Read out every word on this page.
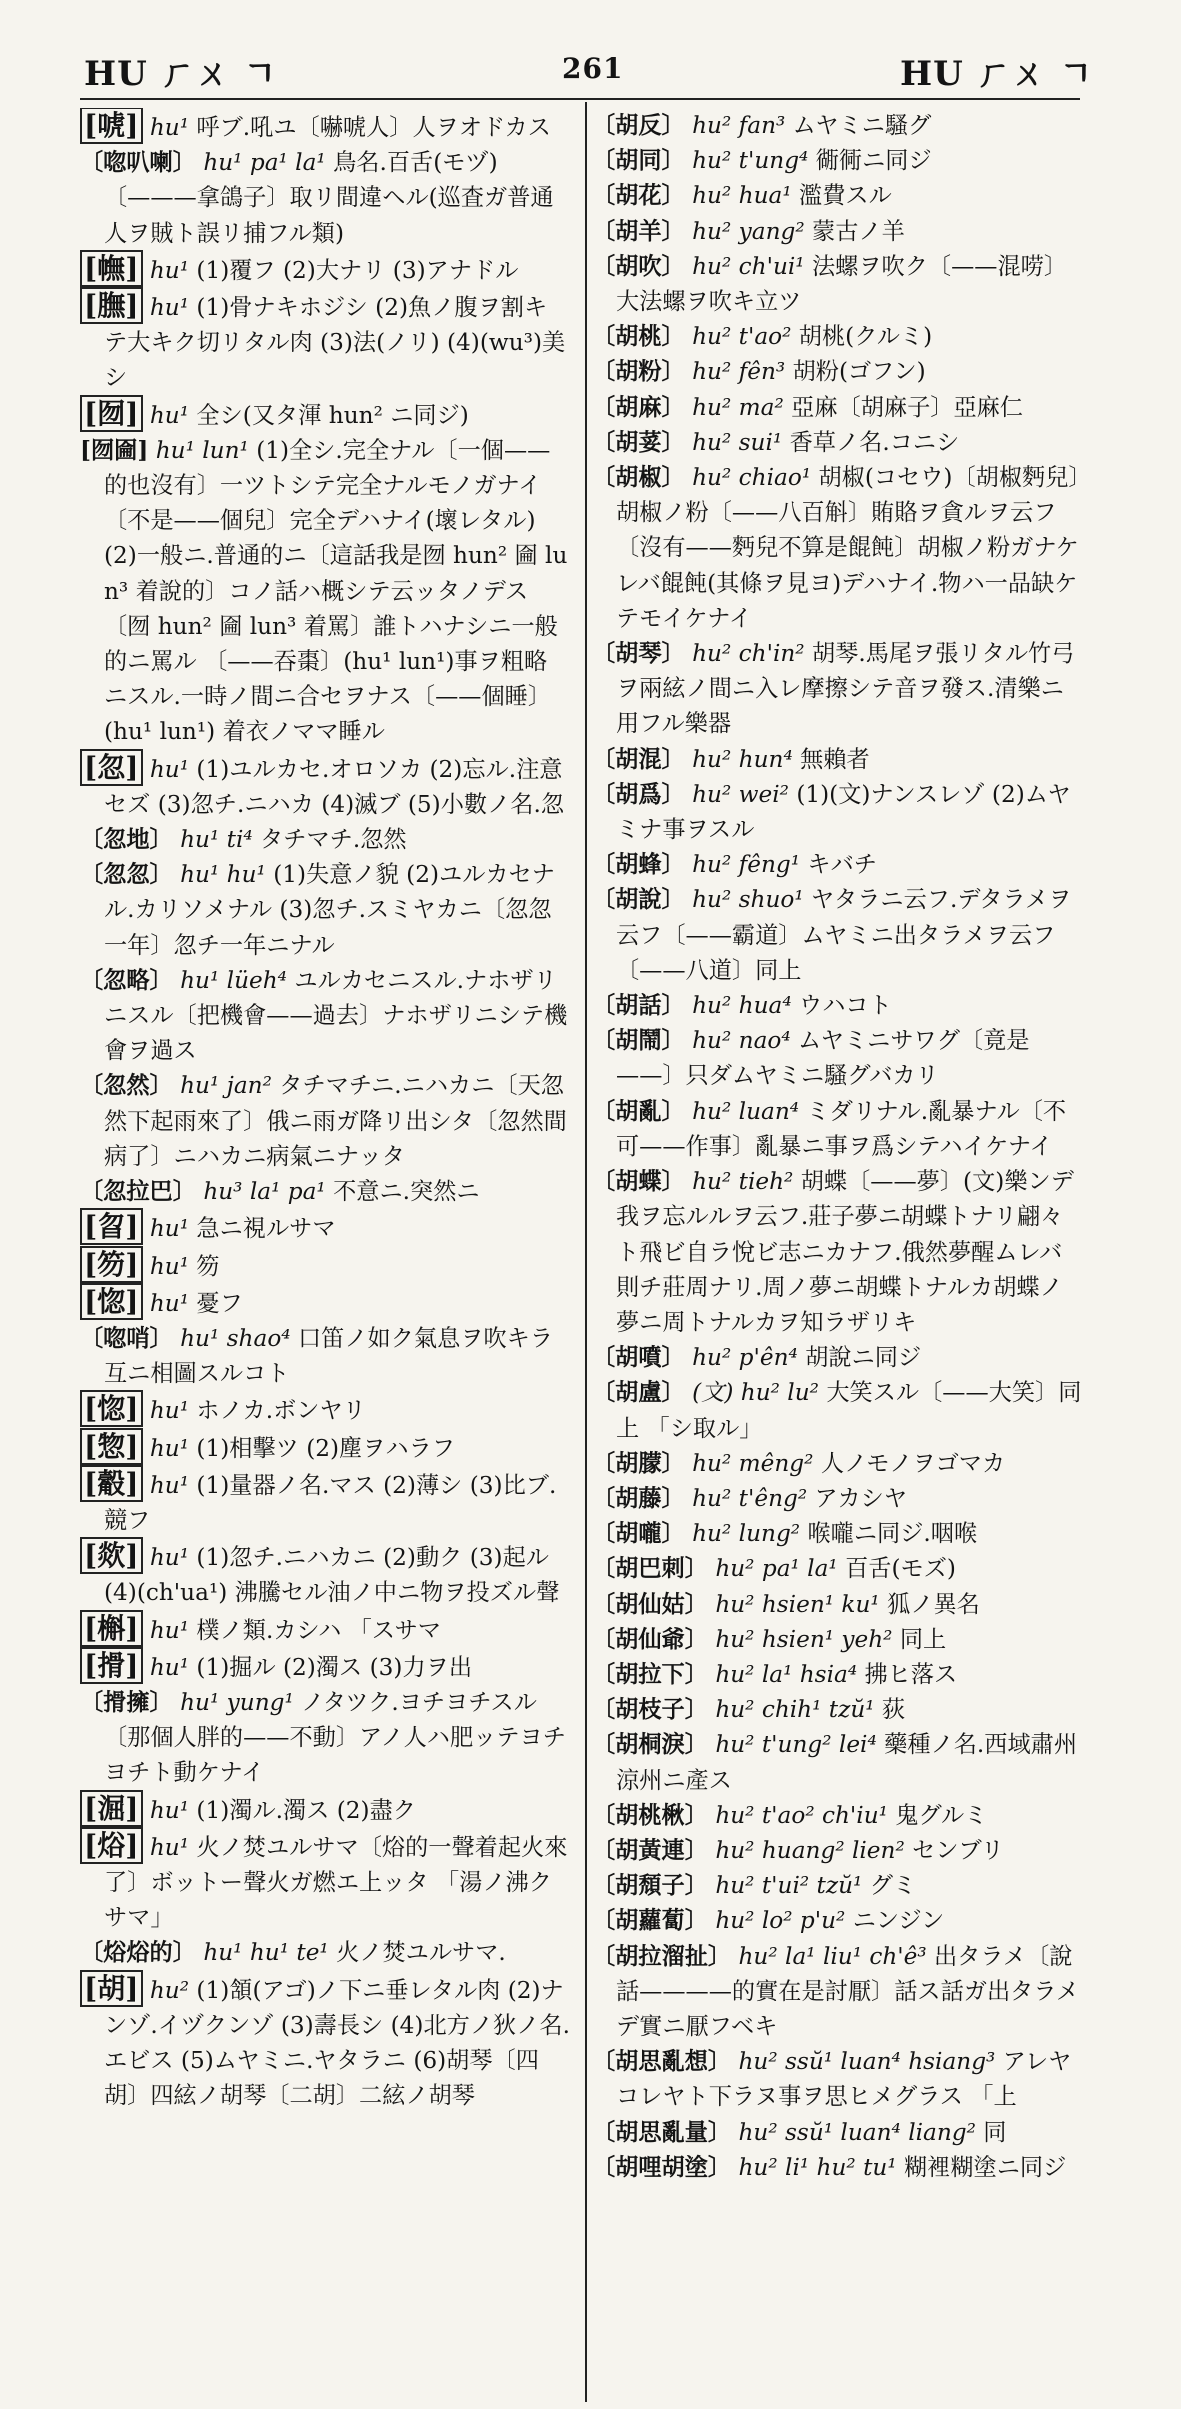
HU ㄏㄨ ㄱ	261	HU ㄏㄨ ㄱ

[唬] hu¹ 呼ブ.吼ユ〔嚇唬人〕人ヲオドカス

〔唿叭喇〕 hu¹ pa¹ la¹ 鳥名.百舌(モヅ)〔———拿鴿子〕取リ間違ヘル(巡査ガ普通人ヲ賊ト誤リ捕フル類)

[幠] hu¹ (1)覆フ (2)大ナリ (3)アナドル

[膴] hu¹ (1)骨ナキホジシ (2)魚ノ腹ヲ割キテ大キク切リタル肉 (3)法(ノリ) (4)(wu³)美シ

[囫] hu¹ 全シ(又タ渾 hun² ニ同ジ)

[囫圇] hu¹ lun¹ (1)全シ.完全ナル〔一個——的也沒有〕一ツトシテ完全ナルモノガナイ〔不是——個兒〕完全デハナイ(壞レタル) (2)一般ニ.普通的ニ〔這話我是囫 hun² 圇 lun³ 着說的〕コノ話ハ概シテ云ッタノデス〔囫 hun² 圇 lun³ 着罵〕誰トハナシニ一般的ニ罵ル 〔——吞棗〕(hu¹ lun¹)事ヲ粗略ニスル.一時ノ間ニ合セヲナス〔——個睡〕(hu¹ lun¹) 着衣ノママ睡ル

[忽] hu¹ (1)ユルカセ.オロソカ (2)忘ル.注意セズ (3)忽チ.ニハカ (4)滅ブ (5)小數ノ名.忽

〔忽地〕 hu¹ ti⁴ タチマチ.忽然

〔忽忽〕 hu¹ hu¹ (1)失意ノ貌 (2)ユルカセナル.カリソメナル (3)忽チ.スミヤカニ〔忽忽一年〕忽チ一年ニナル

〔忽略〕 hu¹ lüeh⁴ ユルカセニスル.ナホザリニスル〔把機會——過去〕ナホザリニシテ機會ヲ過ス

〔忽然〕 hu¹ jan² タチマチニ.ニハカニ〔天忽然下起雨來了〕俄ニ雨ガ降リ出シタ〔忽然間病了〕ニハカニ病氣ニナッタ

〔忽拉巴〕 hu³ la¹ pa¹ 不意ニ.突然ニ

[曶] hu¹ 急ニ視ルサマ

[笏] hu¹ 笏

[惚] hu¹ 憂フ

〔唿哨〕 hu¹ shao⁴ 口笛ノ如ク氣息ヲ吹キラ互ニ相圖スルコト

[惚] hu¹ ホノカ.ボンヤリ

[惣] hu¹ (1)相擊ツ (2)塵ヲハラフ

[觳] hu¹ (1)量器ノ名.マス (2)薄シ (3)比ブ.競フ

[欻] hu¹ (1)忽チ.ニハカニ (2)動ク (3)起ル (4)(ch'ua¹) 沸騰セル油ノ中ニ物ヲ投ズル聲

[槲] hu¹ 樸ノ類.カシハ 「スサマ

[搰] hu¹ (1)掘ル (2)濁ス (3)力ヲ出

〔搰擁〕 hu¹ yung¹ ノタツク.ヨチヨチスル〔那個人胖的——不動〕アノ人ハ肥ッテヨチヨチト動ケナイ

[淈] hu¹ (1)濁ル.濁ス (2)盡ク

[焀] hu¹ 火ノ焚ユルサマ〔焀的一聲着起火來了〕ボットー聲火ガ燃エ上ッタ 「湯ノ沸クサマ」

〔焀焀的〕 hu¹ hu¹ te¹ 火ノ焚ユルサマ.

[胡] hu² (1)頷(アゴ)ノ下ニ垂レタル肉 (2)ナンゾ.イヅクンゾ (3)壽長シ (4)北方ノ狄ノ名.エビス (5)ムヤミニ.ヤタラニ (6)胡琴〔四胡〕四絃ノ胡琴〔二胡〕二絃ノ胡琴

〔胡反〕 hu² fan³ ムヤミニ騷グ

〔胡同〕 hu² t'ung⁴ 衚衕ニ同ジ

〔胡花〕 hu² hua¹ 濫費スル

〔胡羊〕 hu² yang² 蒙古ノ羊

〔胡吹〕 hu² ch'ui¹ 法螺ヲ吹ク〔——混唠〕大法螺ヲ吹キ立ツ

〔胡桃〕 hu² t'ao² 胡桃(クルミ)

〔胡粉〕 hu² fên³ 胡粉(ゴフン)

〔胡麻〕 hu² ma² 亞麻〔胡麻子〕亞麻仁

〔胡荽〕 hu² sui¹ 香草ノ名.コニシ

〔胡椒〕 hu² chiao¹ 胡椒(コセウ)〔胡椒麪兒〕胡椒ノ粉〔——八百斛〕賄賂ヲ貪ルヲ云フ〔沒有——麪兒不算是餛飩〕胡椒ノ粉ガナケレバ餛飩(其條ヲ見ヨ)デハナイ.物ハ一品缺ケテモイケナイ

〔胡琴〕 hu² ch'in² 胡琴.馬尾ヲ張リタル竹弓ヲ兩絃ノ間ニ入レ摩擦シテ音ヲ發ス.清樂ニ用フル樂器

〔胡混〕 hu² hun⁴ 無賴者

〔胡爲〕 hu² wei² (1)(文)ナンスレゾ (2)ムヤミナ事ヲスル

〔胡蜂〕 hu² fêng¹ キバチ

〔胡說〕 hu² shuo¹ ヤタラニ云フ.デタラメヲ云フ〔——霸道〕ムヤミニ出タラメヲ云フ〔——八道〕同上

〔胡話〕 hu² hua⁴ ウハコト

〔胡鬧〕 hu² nao⁴ ムヤミニサワグ〔竟是——〕只ダムヤミニ騷グバカリ

〔胡亂〕 hu² luan⁴ ミダリナル.亂暴ナル〔不可——作事〕亂暴ニ事ヲ爲シテハイケナイ

〔胡蝶〕 hu² tieh² 胡蝶〔——夢〕(文)樂ンデ我ヲ忘ルルヲ云フ.莊子夢ニ胡蝶トナリ翩々ト飛ビ自ラ悅ビ志ニカナフ.俄然夢醒ムレバ則チ莊周ナリ.周ノ夢ニ胡蝶トナルカ胡蝶ノ夢ニ周トナルカヲ知ラザリキ

〔胡噴〕 hu² p'ên⁴ 胡說ニ同ジ

〔胡盧〕 (文) hu² lu² 大笑スル〔——大笑〕同上 「シ取ル」

〔胡朦〕 hu² mêng² 人ノモノヲゴマカ

〔胡藤〕 hu² t'êng² アカシヤ

〔胡嚨〕 hu² lung² 喉嚨ニ同ジ.咽喉

〔胡巴刺〕 hu² pa¹ la¹ 百舌(モズ)

〔胡仙姑〕 hu² hsien¹ ku¹ 狐ノ異名

〔胡仙爺〕 hu² hsien¹ yeh² 同上

〔胡拉下〕 hu² la¹ hsia⁴ 拂ヒ落ス

〔胡枝子〕 hu² chih¹ tzŭ¹ 荻

〔胡桐淚〕 hu² t'ung² lei⁴ 藥種ノ名.西域肅州涼州ニ產ス

〔胡桃楸〕 hu² t'ao² ch'iu¹ 鬼グルミ

〔胡黃連〕 hu² huang² lien² センブリ

〔胡頹子〕 hu² t'ui² tzŭ¹ グミ

〔胡蘿蔔〕 hu² lo² p'u² ニンジン

〔胡拉溜扯〕 hu² la¹ liu¹ ch'ê³ 出タラメ〔說話————的實在是討厭〕話ス話ガ出タラメデ實ニ厭フベキ

〔胡思亂想〕 hu² ssŭ¹ luan⁴ hsiang³ アレヤコレヤト下ラヌ事ヲ思ヒメグラス 「上

〔胡思亂量〕 hu² ssŭ¹ luan⁴ liang² 同

〔胡哩胡塗〕 hu² li¹ hu² tu¹ 糊裡糊塗ニ同ジ
